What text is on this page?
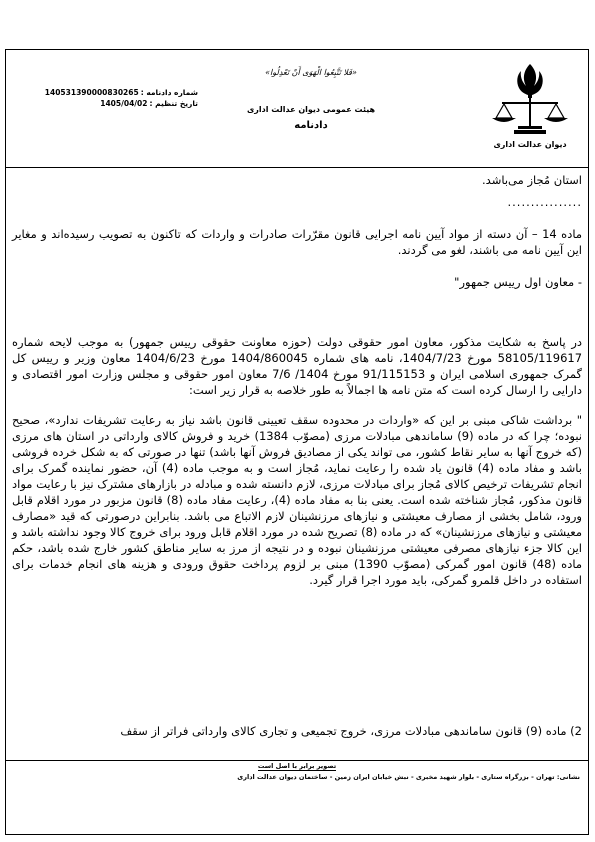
دیوان عدالت اداری
«فَلا تَتَّبِعُوا الْهَوَى أَنْ تَعْدِلُوا»
هیئت عمومی دیوان عدالت اداری
دادنامه
شماره دادنامه :140531390000830265
تاریخ تنظیم :1405/04/02

استان مُجاز می‌باشد.

................

ماده 14 – آن دسته از مواد آیین نامه اجرایی قانون مقرّرات صادرات و واردات که تاکنون به تصویب رسیده‌اند و مغایر این آیین نامه می باشند، لغو می گردند.

- معاون اول رییس جمهور"

در پاسخ به شکایت مذکور، معاون امور حقوقی دولت (حوزه معاونت حقوقی رییس جمهور) به موجب لایحه شماره 58105/119617 مورخ 1404/7/23، نامه های شماره 1404/860045 مورخ 1404/6/23 معاون وزیر و رییس کل گمرک جمهوری اسلامی ایران و 91/115153 مورخ 1404/ 7/6 معاون امور حقوقی و مجلس وزارت امور اقتصادی و دارایی را ارسال کرده است که متن نامه ها اجمالاً به طور خلاصه به قرار زیر است:

" برداشت شاکی مبنی بر این که «واردات در محدوده سقف تعیینی قانون باشد نیاز به رعایت تشریفات ندارد»، صحیح نبوده؛ چرا که در ماده (9) ساماندهی مبادلات مرزی (مصوّب 1384) خرید و فروش کالای وارداتی در استان های مرزی (که خروج آنها به سایر نقاط کشور، می تواند یکی از مصادیق فروش آنها باشد) تنها در صورتی که به شکل خرده فروشی باشد و مفاد ماده (4) قانون یاد شده را رعایت نماید، مُجاز است و به موجب ماده (4) آن، حضور نماینده گمرک برای انجام تشریفات ترخیص کالای مُجاز برای مبادلات مرزی، لازم دانسته شده و مبادله در بازارهای مشترک نیز با رعایت مواد قانون مذکور، مُجاز شناخته شده است. یعنی بنا به مفاد ماده (4)، رعایت مفاد ماده (8) قانون مزبور در مورد اقلام قابل ورود، شامل بخشی از مصارف معیشتی و نیازهای مرزنشینان لازم الاتباع می باشد. بنابراین درصورتی که قید «مصارف معیشتی و نیازهای مرزنشینان» که در ماده (8) تصریح شده در مورد اقلام قابل ورود برای خروج کالا وجود نداشته باشد و این کالا جزء نیازهای مصرفی معیشتی مرزنشینان نبوده و در نتیجه از مرز به سایر مناطق کشور خارج شده باشد، حکم ماده (48) قانون امور گمرکی (مصوّب 1390) مبنی بر لزوم پرداخت حقوق ورودی و هزینه های انجام خدمات برای استفاده در داخل قلمرو گمرکی، باید مورد اجرا قرار گیرد.

2) ماده (9) قانون ساماندهی مبادلات مرزی، خروج تجمیعی و تجاری کالای وارداتی فراتر از سقف

تصویر برابر با اصل است
نشانی: تهران - بزرگراه ستاری - بلوار شهید مخبری - نبش خیابان ایران زمین - ساختمان دیوان عدالت اداری
